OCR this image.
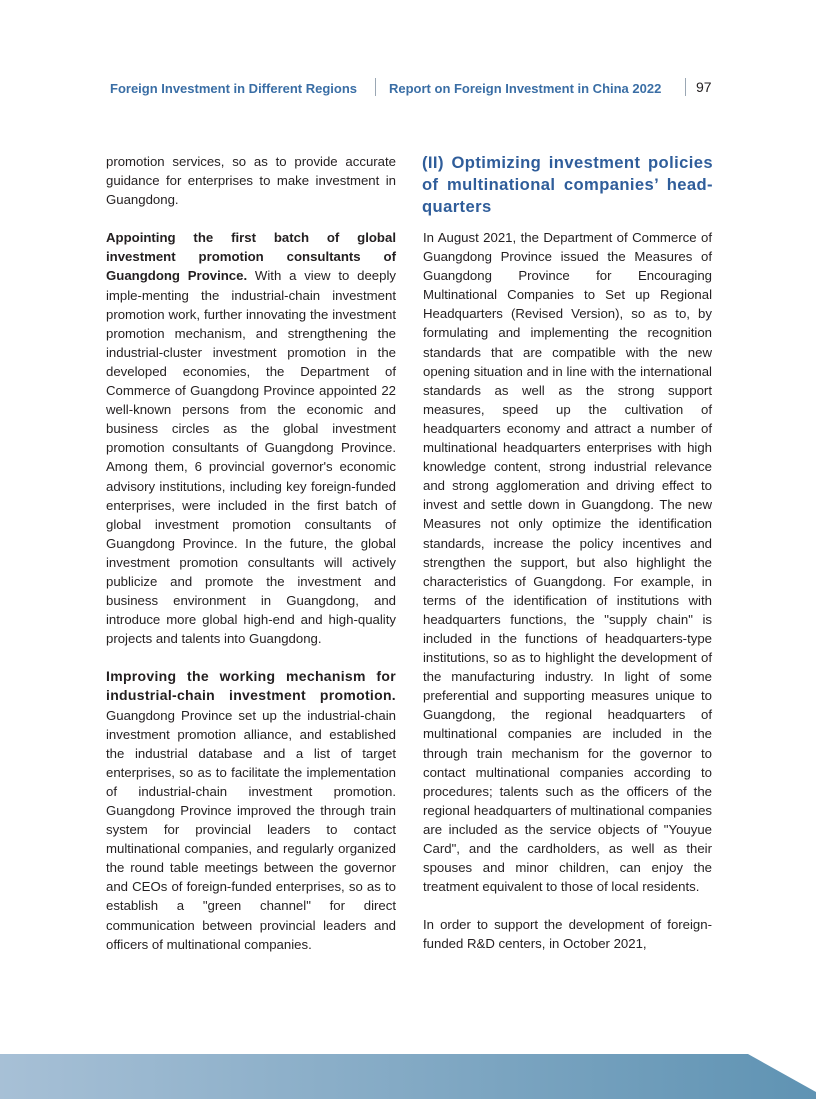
Foreign Investment in Different Regions Report on Foreign Investment in China 2022 97

promotion services, so as to provide accurate guidance for enterprises to make investment in Guangdong.

Appointing the first batch of global investment promotion consultants of Guangdong Province. With a view to deeply imple-menting the industrial-chain investment promotion work, further innovating the investment promotion mechanism, and strengthening the industrial-cluster investment promotion in the developed economies, the Department of Commerce of Guangdong Province appointed 22 well-known persons from the economic and business circles as the global investment promotion consultants of Guangdong Province. Among them, 6 provincial governor's economic advisory institutions, including key foreign-funded enterprises, were included in the first batch of global investment promotion consultants of Guangdong Province. In the future, the global investment promotion consultants will actively publicize and promote the investment and business environment in Guangdong, and introduce more global high-end and high-quality projects and talents into Guangdong.

Improving the working mechanism for industrial-chain investment promotion. Guangdong Province set up the industrial-chain investment promotion alliance, and established the industrial database and a list of target enterprises, so as to facilitate the implementation of industrial-chain investment promotion. Guangdong Province improved the through train system for provincial leaders to contact multinational companies, and regularly organized the round table meetings between the governor and CEOs of foreign-funded enterprises, so as to establish a "green channel" for direct communication between provincial leaders and officers of multinational companies.

(II) Optimizing investment policies of multinational companies’ head-quarters

In August 2021, the Department of Commerce of Guangdong Province issued the Measures of Guangdong Province for Encouraging Multinational Companies to Set up Regional Headquarters (Revised Version), so as to, by formulating and implementing the recognition standards that are compatible with the new opening situation and in line with the international standards as well as the strong support measures, speed up the cultivation of headquarters economy and attract a number of multinational headquarters enterprises with high knowledge content, strong industrial relevance and strong agglomeration and driving effect to invest and settle down in Guangdong. The new Measures not only optimize the identification standards, increase the policy incentives and strengthen the support, but also highlight the characteristics of Guangdong. For example, in terms of the identification of institutions with headquarters functions, the "supply chain" is included in the functions of headquarters-type institutions, so as to highlight the development of the manufacturing industry. In light of some preferential and supporting measures unique to Guangdong, the regional headquarters of multinational companies are included in the through train mechanism for the governor to contact multinational companies according to procedures; talents such as the officers of the regional headquarters of multinational companies are included as the service objects of "Youyue Card", and the cardholders, as well as their spouses and minor children, can enjoy the treatment equivalent to those of local residents.

In order to support the development of foreign-funded R&D centers, in October 2021,
